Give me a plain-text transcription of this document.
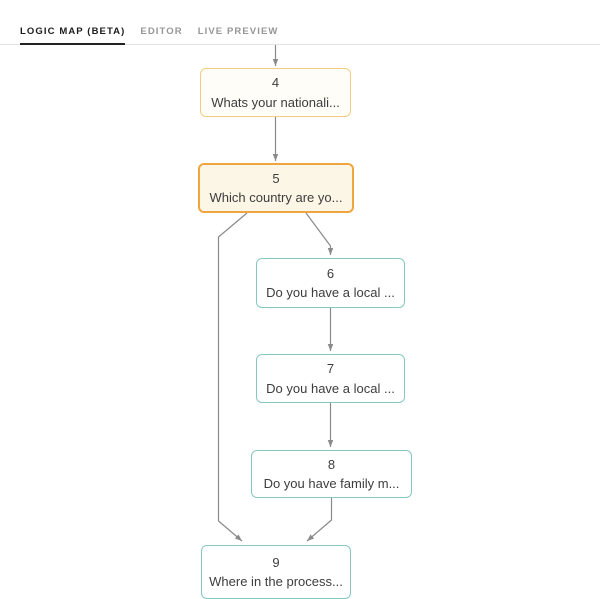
4
Whats your nationali...
5
Which country are yo...
6
Do you have a local ...
7
Do you have a local ...
8
Do you have family m...
9
Where in the process...
LOGIC MAP (BETA) EDITOR LIVE PREVIEW
